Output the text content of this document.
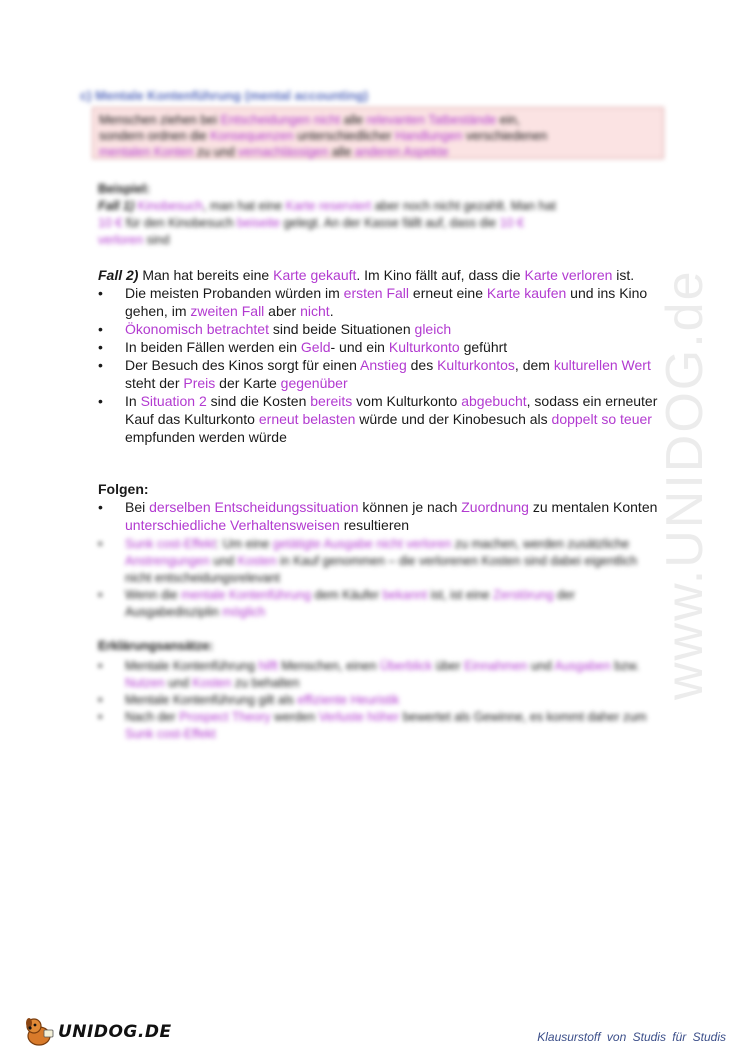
www.UNIDOG.de
c) Mentale Kontenführung (mental accounting)
Menschen ziehen bei Entscheidungen nicht alle relevanten Tatbestände ein,
sondern ordnen die Konsequenzen unterschiedlicher Handlungen verschiedenen
mentalen Konten zu und vernachlässigen alle anderen Aspekte
Beispiel:
Fall 1) Kinobesuch, man hat eine Karte reserviert aber noch nicht gezahlt. Man hat
10 € für den Kinobesuch beiseite gelegt. An der Kasse fällt auf, dass die 10 €
verloren sind
Fall 2) Man hat bereits eine Karte gekauft. Im Kino fällt auf, dass die Karte verloren ist.
• Die meisten Probanden würden im ersten Fall erneut eine Karte kaufen und ins Kino gehen, im zweiten Fall aber nicht.
• Ökonomisch betrachtet sind beide Situationen gleich
• In beiden Fällen werden ein Geld- und ein Kulturkonto geführt
• Der Besuch des Kinos sorgt für einen Anstieg des Kulturkontos, dem kulturellen Wert steht der Preis der Karte gegenüber
• In Situation 2 sind die Kosten bereits vom Kulturkonto abgebucht, sodass ein erneuter Kauf das Kulturkonto erneut belasten würde und der Kinobesuch als doppelt so teuer empfunden werden würde
Folgen:
• Bei derselben Entscheidungssituation können je nach Zuordnung zu mentalen Konten unterschiedliche Verhaltensweisen resultieren
• Sunk cost-Effekt: Um eine getätigte Ausgabe nicht verloren zu machen, werden zusätzliche Anstrengungen und Kosten in Kauf genommen – die verlorenen Kosten sind dabei eigentlich nicht entscheidungsrelevant
• Wenn die mentale Kontenführung dem Käufer bekannt ist, ist eine Zerstörung der Ausgabedisziplin möglich
Erklärungsansätze:
• Mentale Kontenführung hilft Menschen, einen Überblick über Einnahmen und Ausgaben bzw. Nutzen und Kosten zu behalten
• Mentale Kontenführung gilt als effiziente Heuristik
• Nach der Prospect Theory werden Verluste höher bewertet als Gewinne, es kommt daher zum Sunk cost-Effekt
UNIDOG.DE	Klausurstoff von Studis für Studis
